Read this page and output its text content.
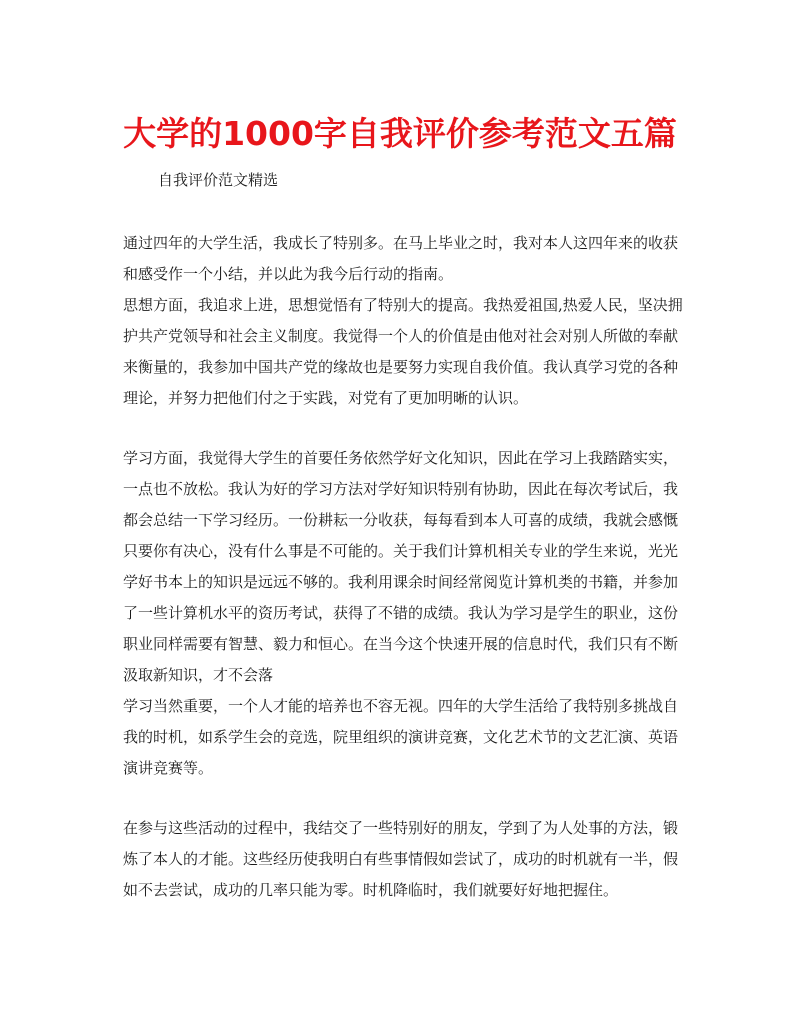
大学的1000字自我评价参考范文五篇
自我评价范文精选

通过四年的大学生活，我成长了特别多。在马上毕业之时，我对本人这四年来的收获和感受作一个小结，并以此为我今后行动的指南。

思想方面，我追求上进，思想觉悟有了特别大的提高。我热爱祖国,热爱人民，坚决拥护共产党领导和社会主义制度。我觉得一个人的价值是由他对社会对别人所做的奉献来衡量的，我参加中国共产党的缘故也是要努力实现自我价值。我认真学习党的各种理论，并努力把他们付之于实践，对党有了更加明晰的认识。

学习方面，我觉得大学生的首要任务依然学好文化知识，因此在学习上我踏踏实实，一点也不放松。我认为好的学习方法对学好知识特别有协助，因此在每次考试后，我都会总结一下学习经历。一份耕耘一分收获，每每看到本人可喜的成绩，我就会感慨只要你有决心，没有什么事是不可能的。关于我们计算机相关专业的学生来说，光光学好书本上的知识是远远不够的。我利用课余时间经常阅览计算机类的书籍，并参加了一些计算机水平的资历考试，获得了不错的成绩。我认为学习是学生的职业，这份职业同样需要有智慧、毅力和恒心。在当今这个快速开展的信息时代，我们只有不断汲取新知识，才不会落

学习当然重要，一个人才能的培养也不容无视。四年的大学生活给了我特别多挑战自我的时机，如系学生会的竞选，院里组织的演讲竞赛，文化艺术节的文艺汇演、英语演讲竞赛等。

在参与这些活动的过程中，我结交了一些特别好的朋友，学到了为人处事的方法，锻炼了本人的才能。这些经历使我明白有些事情假如尝试了，成功的时机就有一半，假如不去尝试，成功的几率只能为零。时机降临时，我们就要好好地把握住。
